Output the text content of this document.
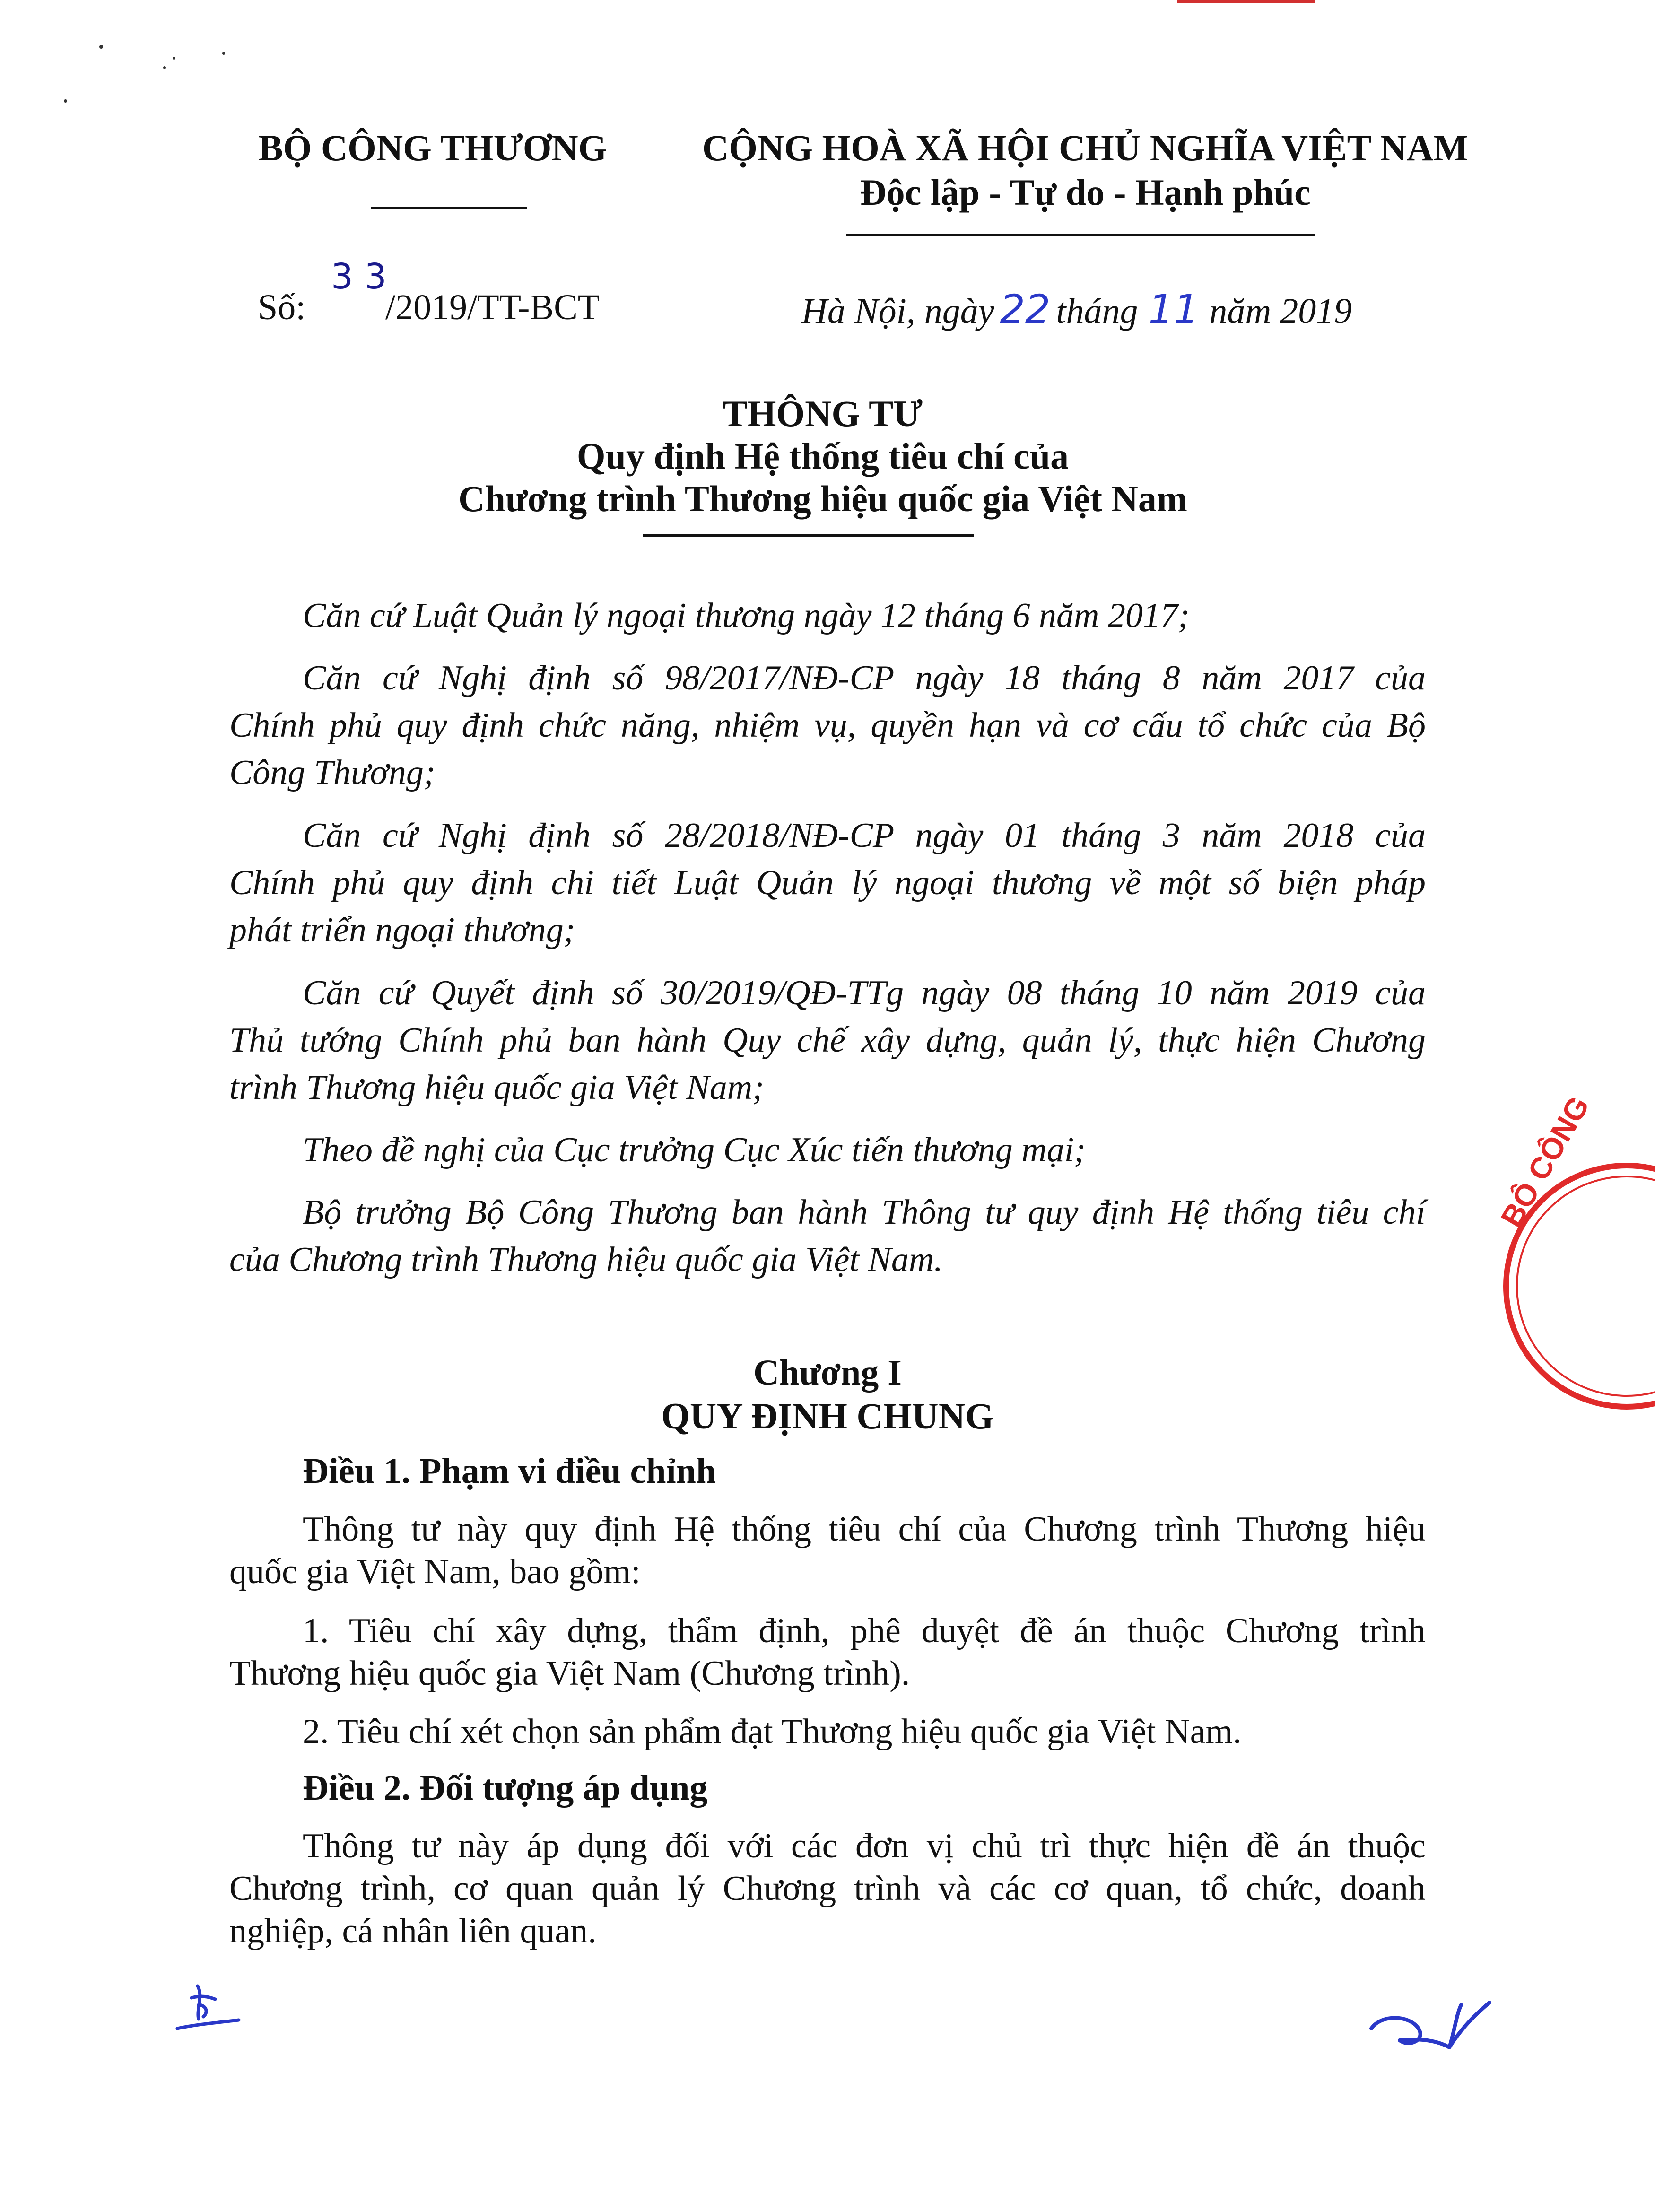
BỘ CÔNG THƯƠNG	CỘNG HOÀ XÃ HỘI CHỦ NGHĨA VIỆT NAM
Độc lập - Tự do - Hạnh phúc
Số:
3 3
/2019/TT-BCT	Hà Nội, ngày 22 tháng 11 năm 2019
THÔNG TƯ
Quy định Hệ thống tiêu chí của
Chương trình Thương hiệu quốc gia Việt Nam
Căn cứ Luật Quản lý ngoại thương ngày 12 tháng 6 năm 2017;
Căn cứ Nghị định số 98/2017/NĐ-CP ngày 18 tháng 8 năm 2017 của
Chính phủ quy định chức năng, nhiệm vụ, quyền hạn và cơ cấu tổ chức của Bộ
Công Thương;
Căn cứ Nghị định số 28/2018/NĐ-CP ngày 01 tháng 3 năm 2018 của
Chính phủ quy định chi tiết Luật Quản lý ngoại thương về một số biện pháp
phát triển ngoại thương;
Căn cứ Quyết định số 30/2019/QĐ-TTg ngày 08 tháng 10 năm 2019 của
Thủ tướng Chính phủ ban hành Quy chế xây dựng, quản lý, thực hiện Chương
trình Thương hiệu quốc gia Việt Nam;
Theo đề nghị của Cục trưởng Cục Xúc tiến thương mại;
Bộ trưởng Bộ Công Thương ban hành Thông tư quy định Hệ thống tiêu chí
của Chương trình Thương hiệu quốc gia Việt Nam.
Chương I
QUY ĐỊNH CHUNG
Điều 1. Phạm vi điều chỉnh
Thông tư này quy định Hệ thống tiêu chí của Chương trình Thương hiệu
quốc gia Việt Nam, bao gồm:
1. Tiêu chí xây dựng, thẩm định, phê duyệt đề án thuộc Chương trình
Thương hiệu quốc gia Việt Nam (Chương trình).
2. Tiêu chí xét chọn sản phẩm đạt Thương hiệu quốc gia Việt Nam.
Điều 2. Đối tượng áp dụng
Thông tư này áp dụng đối với các đơn vị chủ trì thực hiện đề án thuộc
Chương trình, cơ quan quản lý Chương trình và các cơ quan, tổ chức, doanh
nghiệp, cá nhân liên quan.
BỘ CÔNG
